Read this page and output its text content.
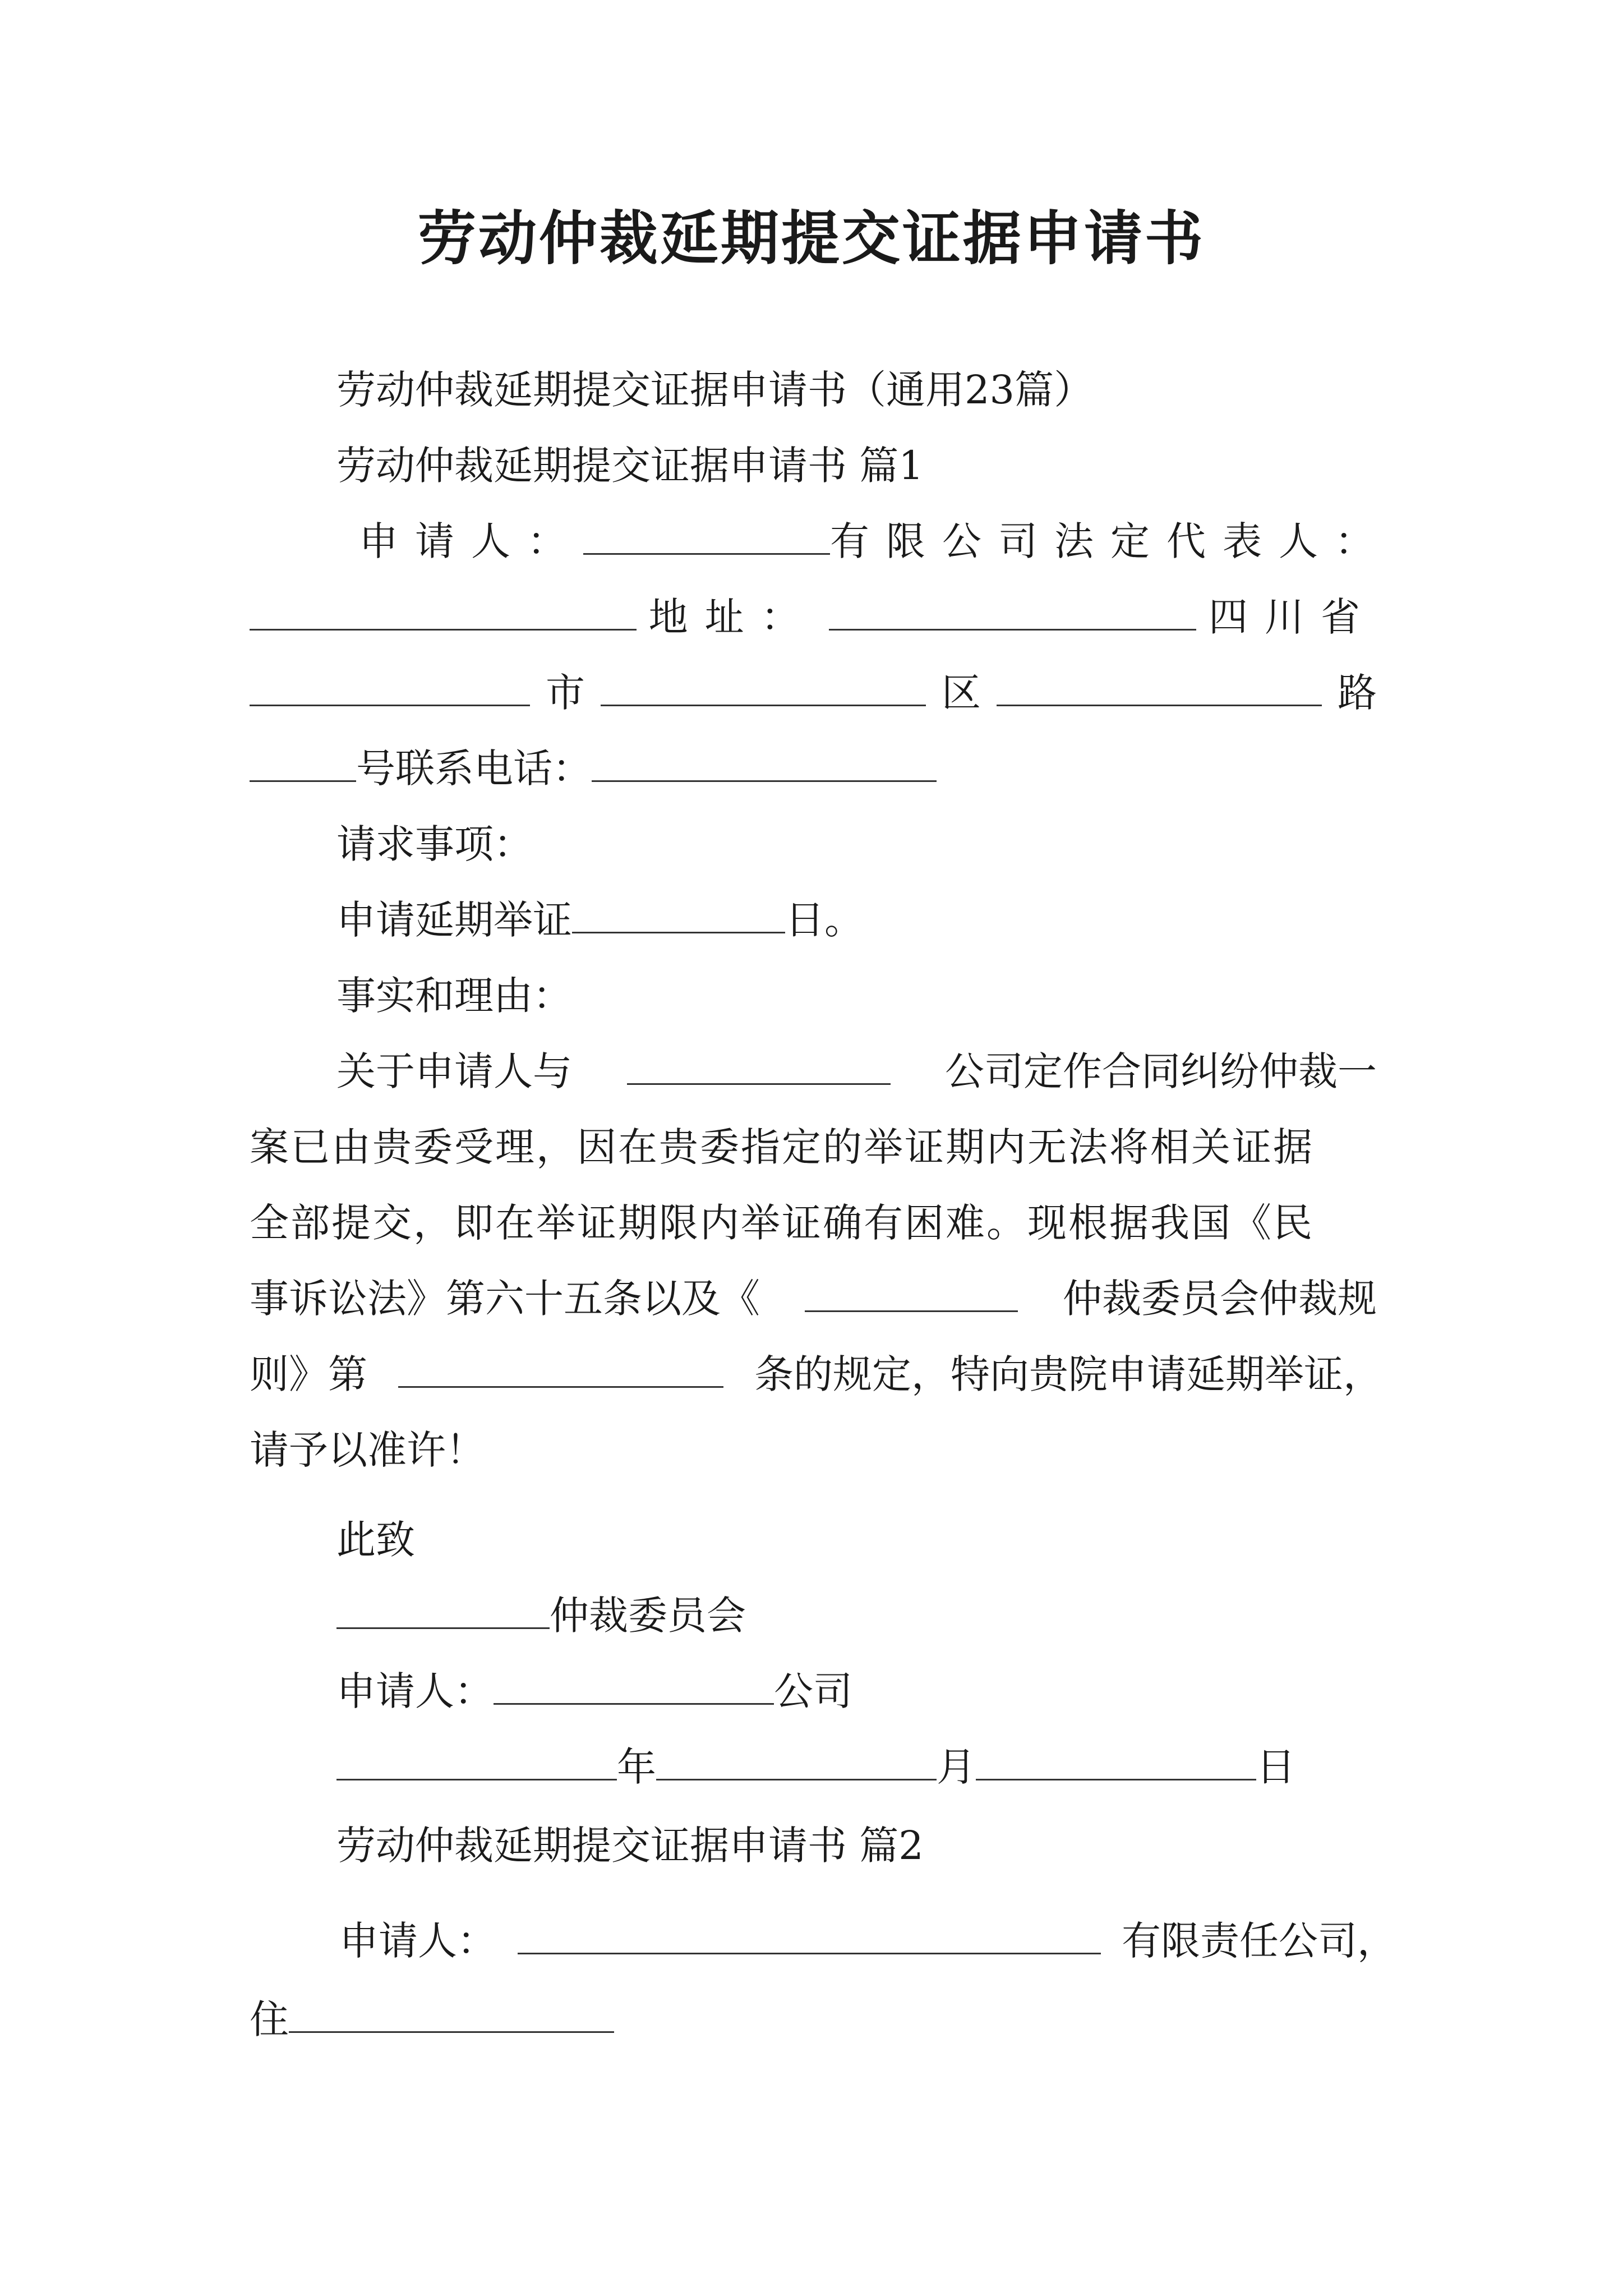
劳动仲裁延期提交证据申请书
劳动仲裁延期提交证据申请书（通用23篇）
劳动仲裁延期提交证据申请书 篇1
申请人：	有限公司法定代表人：
地址：	四川省
市	区	路
号联系电话：
请求事项：
申请延期举证	日。
事实和理由：
关于申请人与	公司定作合同纠纷仲裁一
案已由贵委受理，因在贵委指定的举证期内无法将相关证据
全部提交，即在举证期限内举证确有困难。现根据我国《民
事诉讼法》第六十五条以及《	仲裁委员会仲裁规
则》第	条的规定，特向贵院申请延期举证，
请予以准许！
此致
仲裁委员会
申请人：	公司
年	月	日
劳动仲裁延期提交证据申请书 篇2
申请人：	有限责任公司，
住
